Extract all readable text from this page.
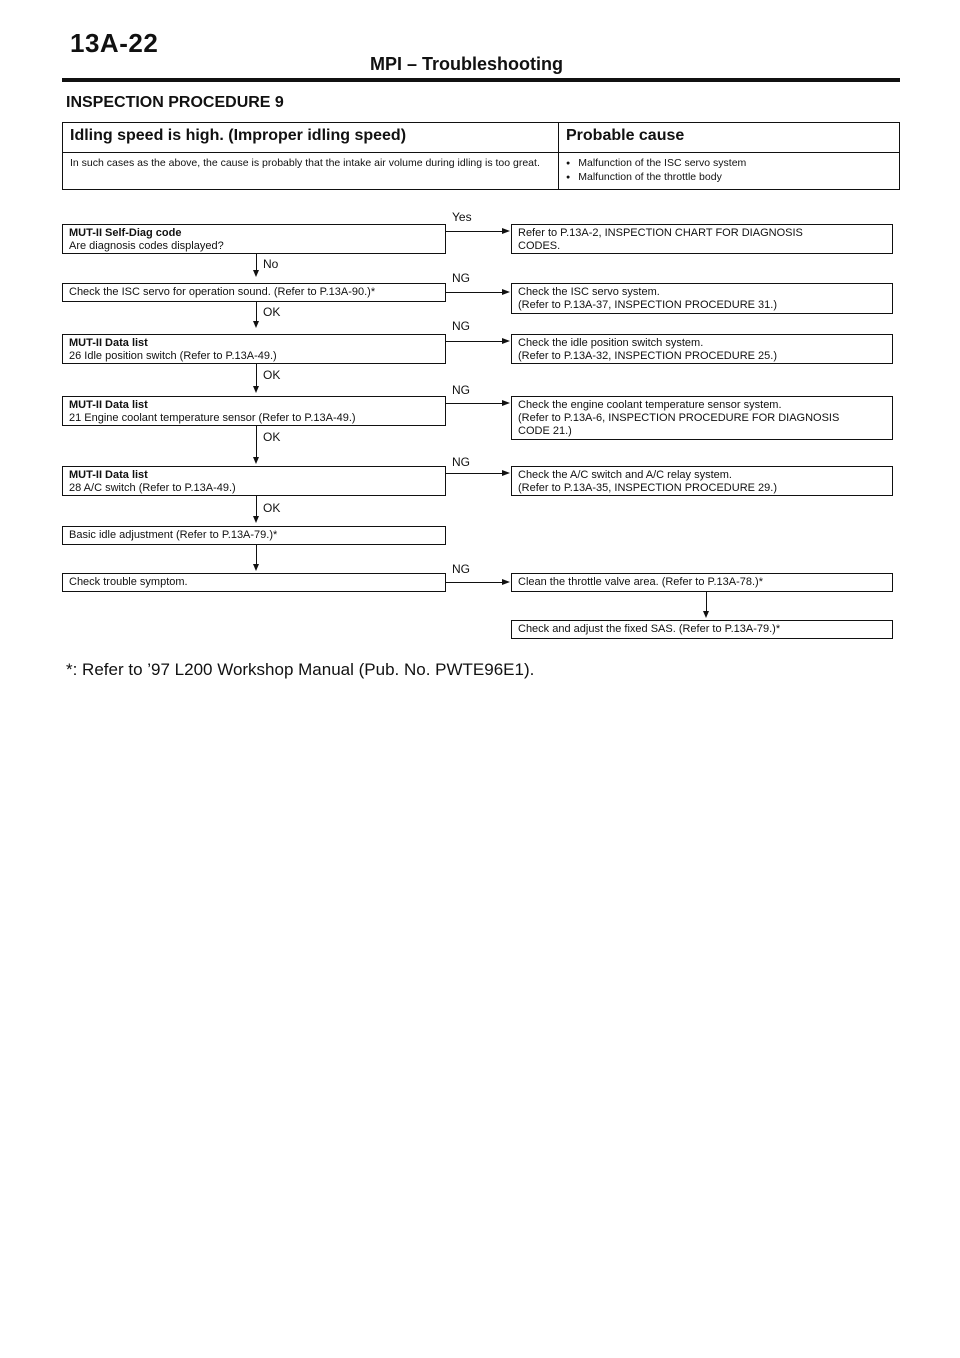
13A-22
MPI – Troubleshooting
INSPECTION PROCEDURE 9
Idling speed is high. (Improper idling speed)
In such cases as the above, the cause is probably that the intake air volume during idling is too great.
Probable cause
● Malfunction of the ISC servo system
● Malfunction of the throttle body
MUT-II Self-Diag code
Are diagnosis codes displayed?
Yes
Refer to P.13A-2, INSPECTION CHART FOR DIAGNOSIS
CODES.
No
Check the ISC servo for operation sound. (Refer to P.13A-90.)*
NG
Check the ISC servo system.
(Refer to P.13A-37, INSPECTION PROCEDURE 31.)
OK
MUT-II Data list
26 Idle position switch (Refer to P.13A-49.)
NG
Check the idle position switch system.
(Refer to P.13A-32, INSPECTION PROCEDURE 25.)
OK
MUT-II Data list
21 Engine coolant temperature sensor (Refer to P.13A-49.)
NG
Check the engine coolant temperature sensor system.
(Refer to P.13A-6, INSPECTION PROCEDURE FOR DIAGNOSIS
CODE 21.)
OK
MUT-II Data list
28 A/C switch (Refer to P.13A-49.)
NG
Check the A/C switch and A/C relay system.
(Refer to P.13A-35, INSPECTION PROCEDURE 29.)
OK
Basic idle adjustment (Refer to P.13A-79.)*
Check trouble symptom.
NG
Clean the throttle valve area. (Refer to P.13A-78.)*
Check and adjust the fixed SAS. (Refer to P.13A-79.)*
*: Refer to ’97 L200 Workshop Manual (Pub. No. PWTE96E1).
